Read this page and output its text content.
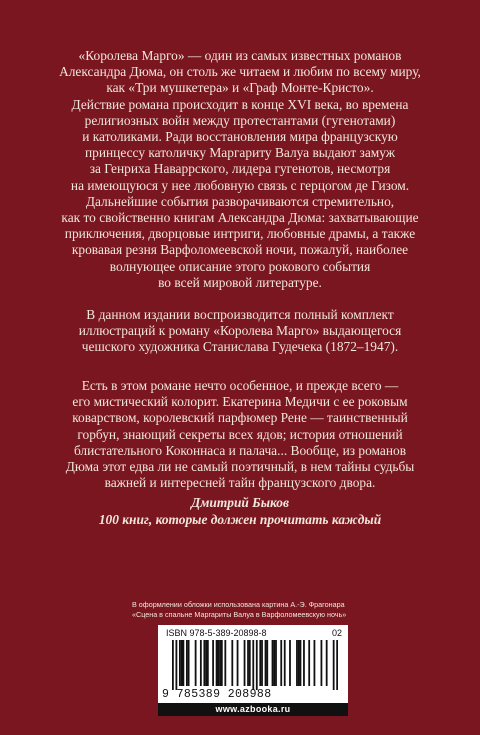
«Королева Марго» — один из самых известных романов
Александра Дюма, он столь же читаем и любим по всему миру,
как «Три мушкетера» и «Граф Монте-Кристо».
Действие романа происходит в конце XVI века, во времена
религиозных войн между протестантами (гугенотами)
и католиками. Ради восстановления мира французскую
принцессу католичку Маргариту Валуа выдают замуж
за Генриха Наваррского, лидера гугенотов, несмотря
на имеющуюся у нее любовную связь с герцогом де Гизом.
Дальнейшие события разворачиваются стремительно,
как то свойственно книгам Александра Дюма: захватывающие
приключения, дворцовые интриги, любовные драмы, а также
кровавая резня Варфоломеевской ночи, пожалуй, наиболее
волнующее описание этого рокового события
во всей мировой литературе.

В данном издании воспроизводится полный комплект
иллюстраций к роману «Королева Марго» выдающегося
чешского художника Станислава Гудечека (1872–1947).

Есть в этом романе нечто особенное, и прежде всего —
его мистический колорит. Екатерина Медичи с ее роковым
коварством, королевский парфюмер Рене — таинственный
горбун, знающий секреты всех ядов; история отношений
блистательного Коконнаса и палача... Вообще, из романов
Дюма этот едва ли не самый поэтичный, в нем тайны судьбы
важней и интересней тайн французского двора.

Дмитрий Быков

100 книг, которые должен прочитать каждый

В оформлении обложки использована картина А.-Э. Фрагонара
«Сцена в спальне Маргариты Валуа в Варфоломеевскую ночь»
ISBN 978-5-389-20898-8	02
9 785389 208988
www.azbooka.ru
